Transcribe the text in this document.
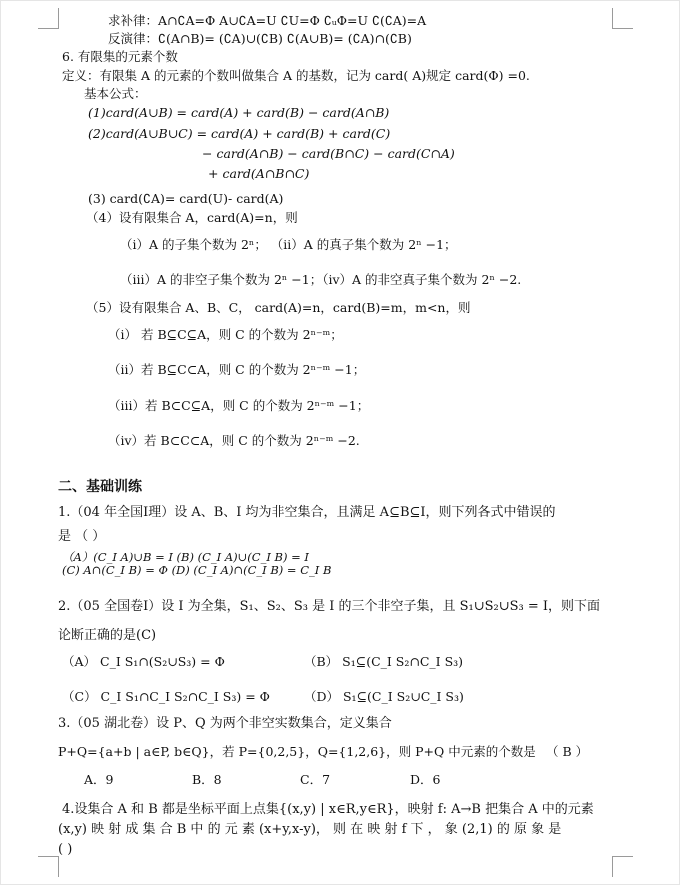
求补律：A∩∁A=Φ A∪∁A=U ∁U=Φ ∁ᵤΦ=U ∁(∁A)=A
反演律：∁(A∩B)= (∁A)∪(∁B) ∁(A∪B)= (∁A)∩(∁B)
6. 有限集的元素个数
定义：有限集 A 的元素的个数叫做集合 A 的基数，记为 card( A)规定 card(Φ) =0.
基本公式：
(1)card(A∪B) = card(A) + card(B) − card(A∩B)
(2)card(A∪B∪C) = card(A) + card(B) + card(C)
− card(A∩B) − card(B∩C) − card(C∩A)
+ card(A∩B∩C)
(3) card(∁A)= card(U)- card(A)
（4）设有限集合 A，card(A)=n，则
（ⅰ）A 的子集个数为 2ⁿ； （ⅱ）A 的真子集个数为 2ⁿ −1；
（ⅲ）A 的非空子集个数为 2ⁿ −1；（ⅳ）A 的非空真子集个数为 2ⁿ −2.
（5）设有限集合 A、B、C， card(A)=n，card(B)=m，m<n，则
（ⅰ） 若 B⊆C⊆A，则 C 的个数为 2ⁿ⁻ᵐ；
（ⅱ）若 B⊆C⊂A，则 C 的个数为 2ⁿ⁻ᵐ −1；
（ⅲ）若 B⊂C⊆A，则 C 的个数为 2ⁿ⁻ᵐ −1；
（ⅳ）若 B⊂C⊂A，则 C 的个数为 2ⁿ⁻ᵐ −2.
二、基础训练
1.（04 年全国Ⅰ理）设 A、B、I 均为非空集合，且满足 A⊆B⊆I，则下列各式中错误的
是 （ ）
（A）(C_I A)∪B = I (B) (C_I A)∪(C_I B) = I
(C) A∩(C_I B) = Φ (D) (C_I A)∩(C_I B) = C_I B
2.（05 全国卷Ⅰ）设 I 为全集，S₁、S₂、S₃ 是 I 的三个非空子集，且 S₁∪S₂∪S₃ = I，则下面
论断正确的是(C)
（A） C_I S₁∩(S₂∪S₃) = Φ	（B） S₁⊆(C_I S₂∩C_I S₃)
（C） C_I S₁∩C_I S₂∩C_I S₃) = Φ	（D） S₁⊆(C_I S₂∪C_I S₃)
3.（05 湖北卷）设 P、Q 为两个非空实数集合，定义集合
P+Q={a+b | a∈P, b∈Q}，若 P={0,2,5}，Q={1,2,6}，则 P+Q 中元素的个数是 （ B ）
A．9	B．8	C．7	D．6
4.设集合 A 和 B 都是坐标平面上点集{(x,y) | x∈R,y∈R}，映射 f: A→B 把集合 A 中的元素
(x,y) 映 射 成 集 合 B 中 的 元 素 (x+y,x-y)， 则 在 映 射 f 下 ， 象 (2,1) 的 原 象 是
( )
